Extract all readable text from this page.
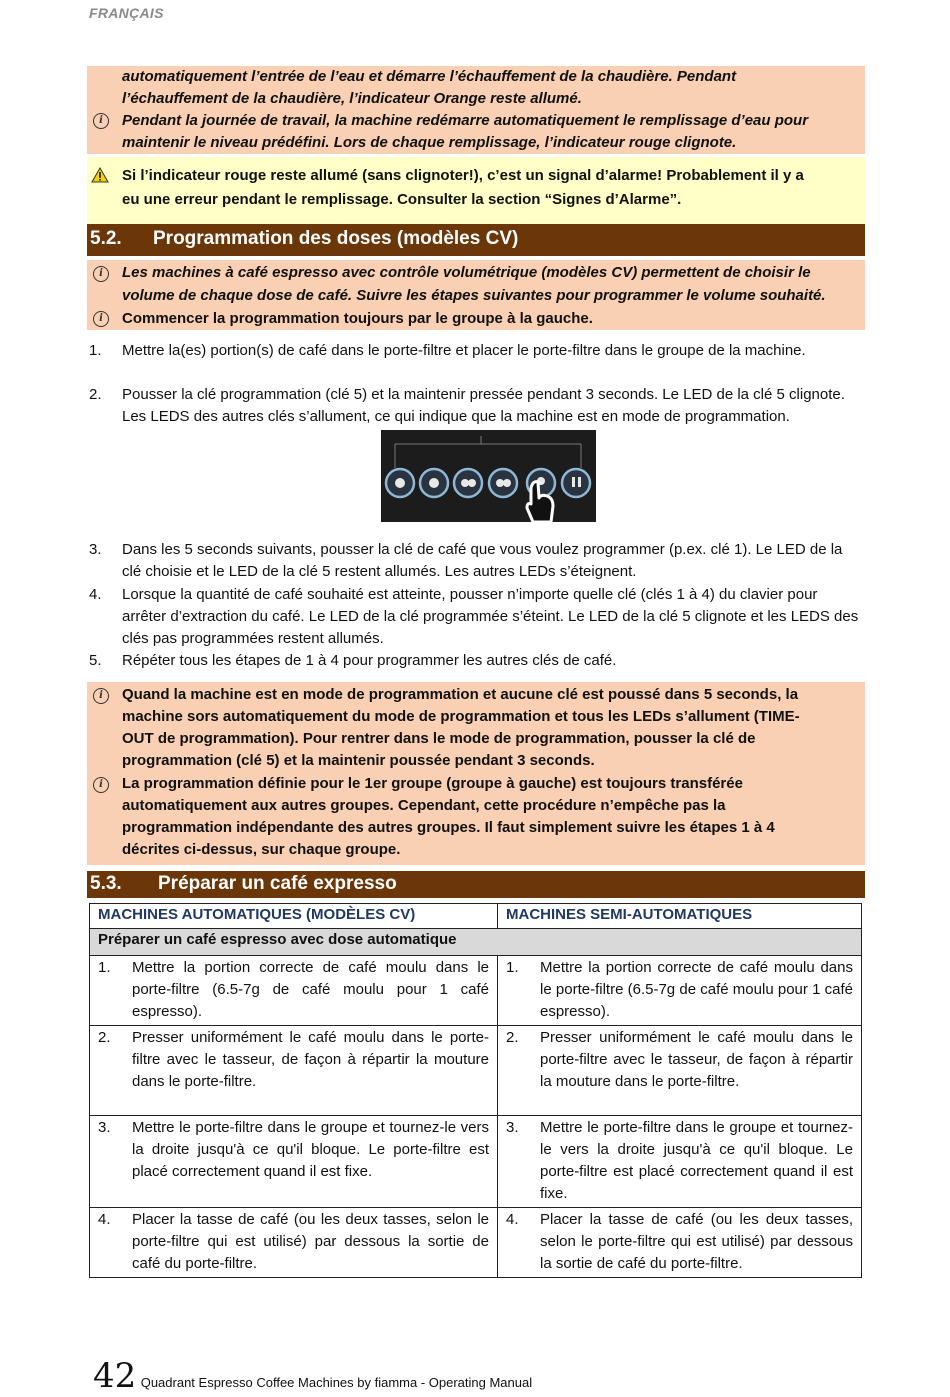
FRANÇAIS
automatiquement l’entrée de l’eau et démarre l’échauffement de la chaudière. Pendant
l’échauffement de la chaudière, l’indicateur Orange reste allumé.
i	Pendant la journée de travail, la machine redémarre automatiquement le remplissage d’eau pour
maintenir le niveau prédéfini. Lors de chaque remplissage, l’indicateur rouge clignote.
Si l’indicateur rouge reste allumé (sans clignoter!), c’est un signal d’alarme! Probablement il y a
eu une erreur pendant le remplissage. Consulter la section “Signes d’Alarme”.
5.2. Programmation des doses (modèles CV)
i	Les machines à café espresso avec contrôle volumétrique (modèles CV) permettent de choisir le
volume de chaque dose de café. Suivre les étapes suivantes pour programmer le volume souhaité.
i	Commencer la programmation toujours par le groupe à la gauche.
1. Mettre la(es) portion(s) de café dans le porte-filtre et placer le porte-filtre dans le groupe de la machine.
2. Pousser la clé programmation (clé 5) et la maintenir pressée pendant 3 seconds. Le LED de la clé 5 clignote. Les LEDS des autres clés s’allument, ce qui indique que la machine est en mode de programmation.
3. Dans les 5 seconds suivants, pousser la clé de café que vous voulez programmer (p.ex. clé 1). Le LED de la clé choisie et le LED de la clé 5 restent allumés. Les autres LEDs s’éteignent.
4. Lorsque la quantité de café souhaité est atteinte, pousser n’importe quelle clé (clés 1 à 4) du clavier pour arrêter d’extraction du café. Le LED de la clé programmée s’éteint. Le LED de la clé 5 clignote et les LEDS des clés pas programmées restent allumés.
5. Répéter tous les étapes de 1 à 4 pour programmer les autres clés de café.
i	Quand la machine est en mode de programmation et aucune clé est poussé dans 5 seconds, la
machine sors automatiquement du mode de programmation et tous les LEDs s’allument (TIME-
OUT de programmation). Pour rentrer dans le mode de programmation, pousser la clé de
programmation (clé 5) et la maintenir poussée pendant 3 seconds.
i	La programmation définie pour le 1er groupe (groupe à gauche) est toujours transférée
automatiquement aux autres groupes. Cependant, cette procédure n’empêche pas la
programmation indépendante des autres groupes. Il faut simplement suivre les étapes 1 à 4
décrites ci-dessus, sur chaque groupe.
5.3. Préparar un café expresso
MACHINES AUTOMATIQUES (MODÈLES CV)	MACHINES SEMI-AUTOMATIQUES
Préparer un café espresso avec dose automatique	

1. Mettre la portion correcte de café moulu dans le porte-filtre (6.5-7g de café moulu pour 1 café espresso).	1. Mettre la portion correcte de café moulu dans le porte-filtre (6.5-7g de café moulu pour 1 café espresso).

2. Presser uniformément le café moulu dans le porte-filtre avec le tasseur, de façon à répartir la mouture dans le porte-filtre.	2. Presser uniformément le café moulu dans le porte-filtre avec le tasseur, de façon à répartir la mouture dans le porte-filtre.

3. Mettre le porte-filtre dans le groupe et tournez-le vers la droite jusqu'à ce qu'il bloque. Le porte-filtre est placé correctement quand il est fixe.	3. Mettre le porte-filtre dans le groupe et tournez-le vers la droite jusqu'à ce qu'il bloque. Le porte-filtre est placé correctement quand il est fixe.

4. Placer la tasse de café (ou les deux tasses, selon le porte-filtre qui est utilisé) par dessous la sortie de café du porte-filtre.	4. Placer la tasse de café (ou les deux tasses, selon le porte-filtre qui est utilisé) par dessous la sortie de café du porte-filtre.
42 Quadrant Espresso Coffee Machines by fiamma - Operating Manual
